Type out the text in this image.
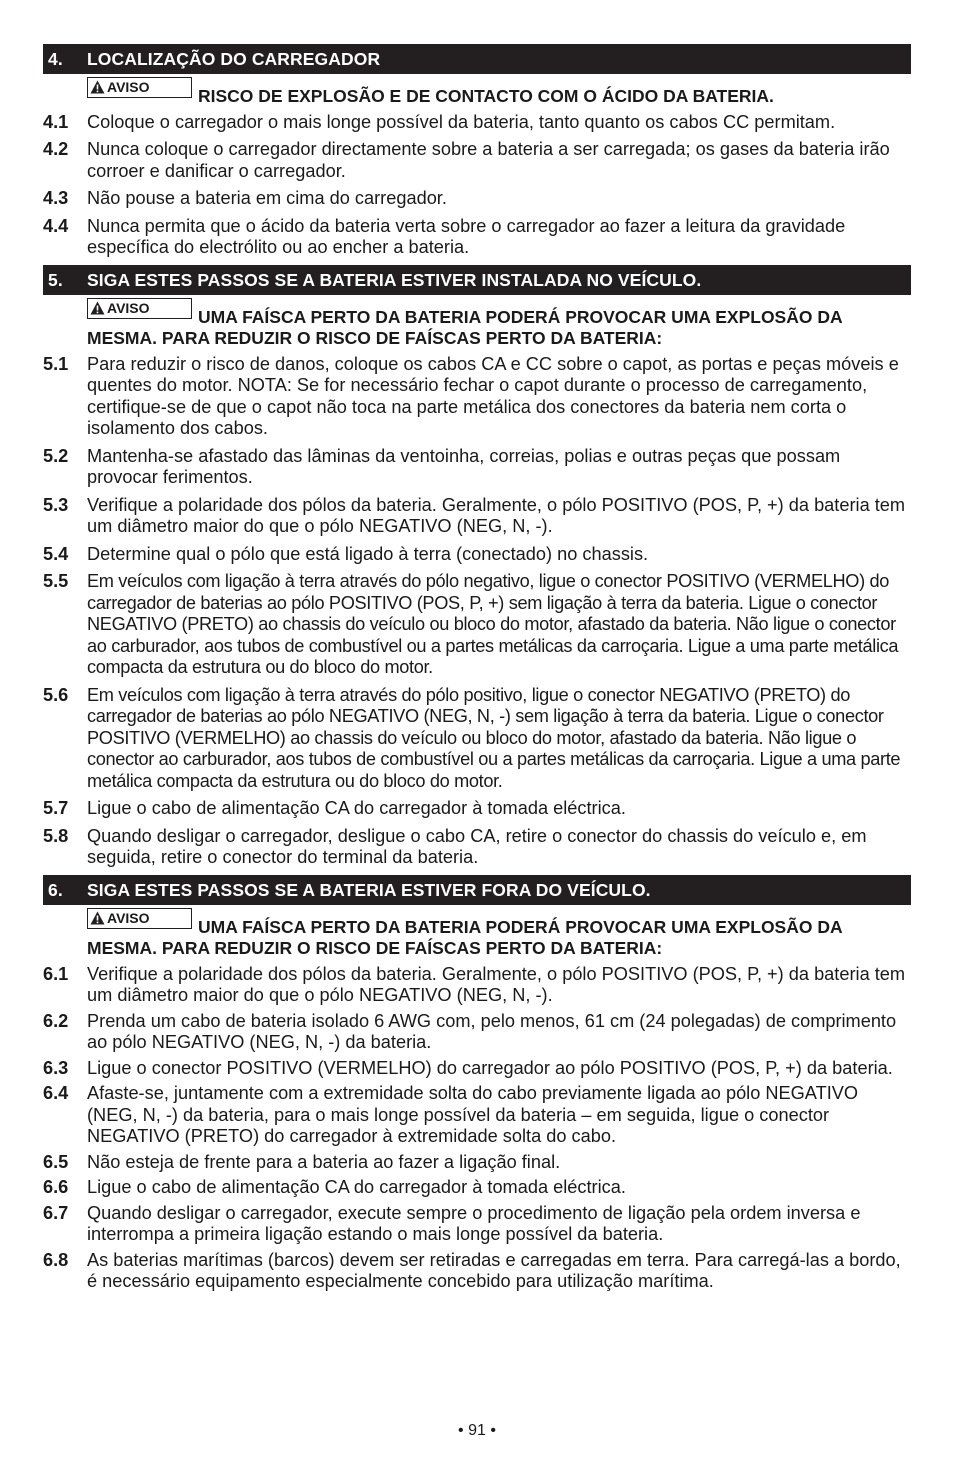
4.	LOCALIZAÇÃO DO CARREGADOR
AVISO	RISCO DE EXPLOSÃO E DE CONTACTO COM O ÁCIDO DA BATERIA.
4.1	Coloque o carregador o mais longe possível da bateria, tanto quanto os cabos CC permitam.
4.2	Nunca coloque o carregador directamente sobre a bateria a ser carregada; os gases da bateria irão corroer e danificar o carregador.
4.3	Não pouse a bateria em cima do carregador.
4.4	Nunca permita que o ácido da bateria verta sobre o carregador ao fazer a leitura da gravidade específica do electrólito ou ao encher a bateria.
5.	SIGA ESTES PASSOS SE A BATERIA ESTIVER INSTALADA NO VEÍCULO.
AVISO	UMA FAÍSCA PERTO DA BATERIA PODERÁ PROVOCAR UMA EXPLOSÃO DA MESMA. PARA REDUZIR O RISCO DE FAÍSCAS PERTO DA BATERIA:
5.1	Para reduzir o risco de danos, coloque os cabos CA e CC sobre o capot, as portas e peças móveis e quentes do motor. NOTA: Se for necessário fechar o capot durante o processo de carregamento, certifique-se de que o capot não toca na parte metálica dos conectores da bateria nem corta o isolamento dos cabos.
5.2	Mantenha-se afastado das lâminas da ventoinha, correias, polias e outras peças que possam provocar ferimentos.
5.3	Verifique a polaridade dos pólos da bateria. Geralmente, o pólo POSITIVO (POS, P, +) da bateria tem um diâmetro maior do que o pólo NEGATIVO (NEG, N, -).
5.4	Determine qual o pólo que está ligado à terra (conectado) no chassis.
5.5	Em veículos com ligação à terra através do pólo negativo, ligue o conector POSITIVO (VERMELHO) do carregador de baterias ao pólo POSITIVO (POS, P, +) sem ligação à terra da bateria. Ligue o conector NEGATIVO (PRETO) ao chassis do veículo ou bloco do motor, afastado da bateria. Não ligue o conector ao carburador, aos tubos de combustível ou a partes metálicas da carroçaria. Ligue a uma parte metálica compacta da estrutura ou do bloco do motor.
5.6	Em veículos com ligação à terra através do pólo positivo, ligue o conector NEGATIVO (PRETO) do carregador de baterias ao pólo NEGATIVO (NEG, N, -) sem ligação à terra da bateria. Ligue o conector POSITIVO (VERMELHO) ao chassis do veículo ou bloco do motor, afastado da bateria. Não ligue o conector ao carburador, aos tubos de combustível ou a partes metálicas da carroçaria. Ligue a uma parte metálica compacta da estrutura ou do bloco do motor.
5.7	Ligue o cabo de alimentação CA do carregador à tomada eléctrica.
5.8	Quando desligar o carregador, desligue o cabo CA, retire o conector do chassis do veículo e, em seguida, retire o conector do terminal da bateria.
6.	SIGA ESTES PASSOS SE A BATERIA ESTIVER FORA DO VEÍCULO.
AVISO	UMA FAÍSCA PERTO DA BATERIA PODERÁ PROVOCAR UMA EXPLOSÃO DA MESMA. PARA REDUZIR O RISCO DE FAÍSCAS PERTO DA BATERIA:
6.1	Verifique a polaridade dos pólos da bateria. Geralmente, o pólo POSITIVO (POS, P, +) da bateria tem um diâmetro maior do que o pólo NEGATIVO (NEG, N, -).
6.2	Prenda um cabo de bateria isolado 6 AWG com, pelo menos, 61 cm (24 polegadas) de comprimento ao pólo NEGATIVO (NEG, N, -) da bateria.
6.3	Ligue o conector POSITIVO (VERMELHO) do carregador ao pólo POSITIVO (POS, P, +) da bateria.
6.4	Afaste-se, juntamente com a extremidade solta do cabo previamente ligada ao pólo NEGATIVO (NEG, N, -) da bateria, para o mais longe possível da bateria – em seguida, ligue o conector NEGATIVO (PRETO) do carregador à extremidade solta do cabo.
6.5	Não esteja de frente para a bateria ao fazer a ligação final.
6.6	Ligue o cabo de alimentação CA do carregador à tomada eléctrica.
6.7	Quando desligar o carregador, execute sempre o procedimento de ligação pela ordem inversa e interrompa a primeira ligação estando o mais longe possível da bateria.
6.8	As baterias marítimas (barcos) devem ser retiradas e carregadas em terra. Para carregá-las a bordo, é necessário equipamento especialmente concebido para utilização marítima.
• 91 •
